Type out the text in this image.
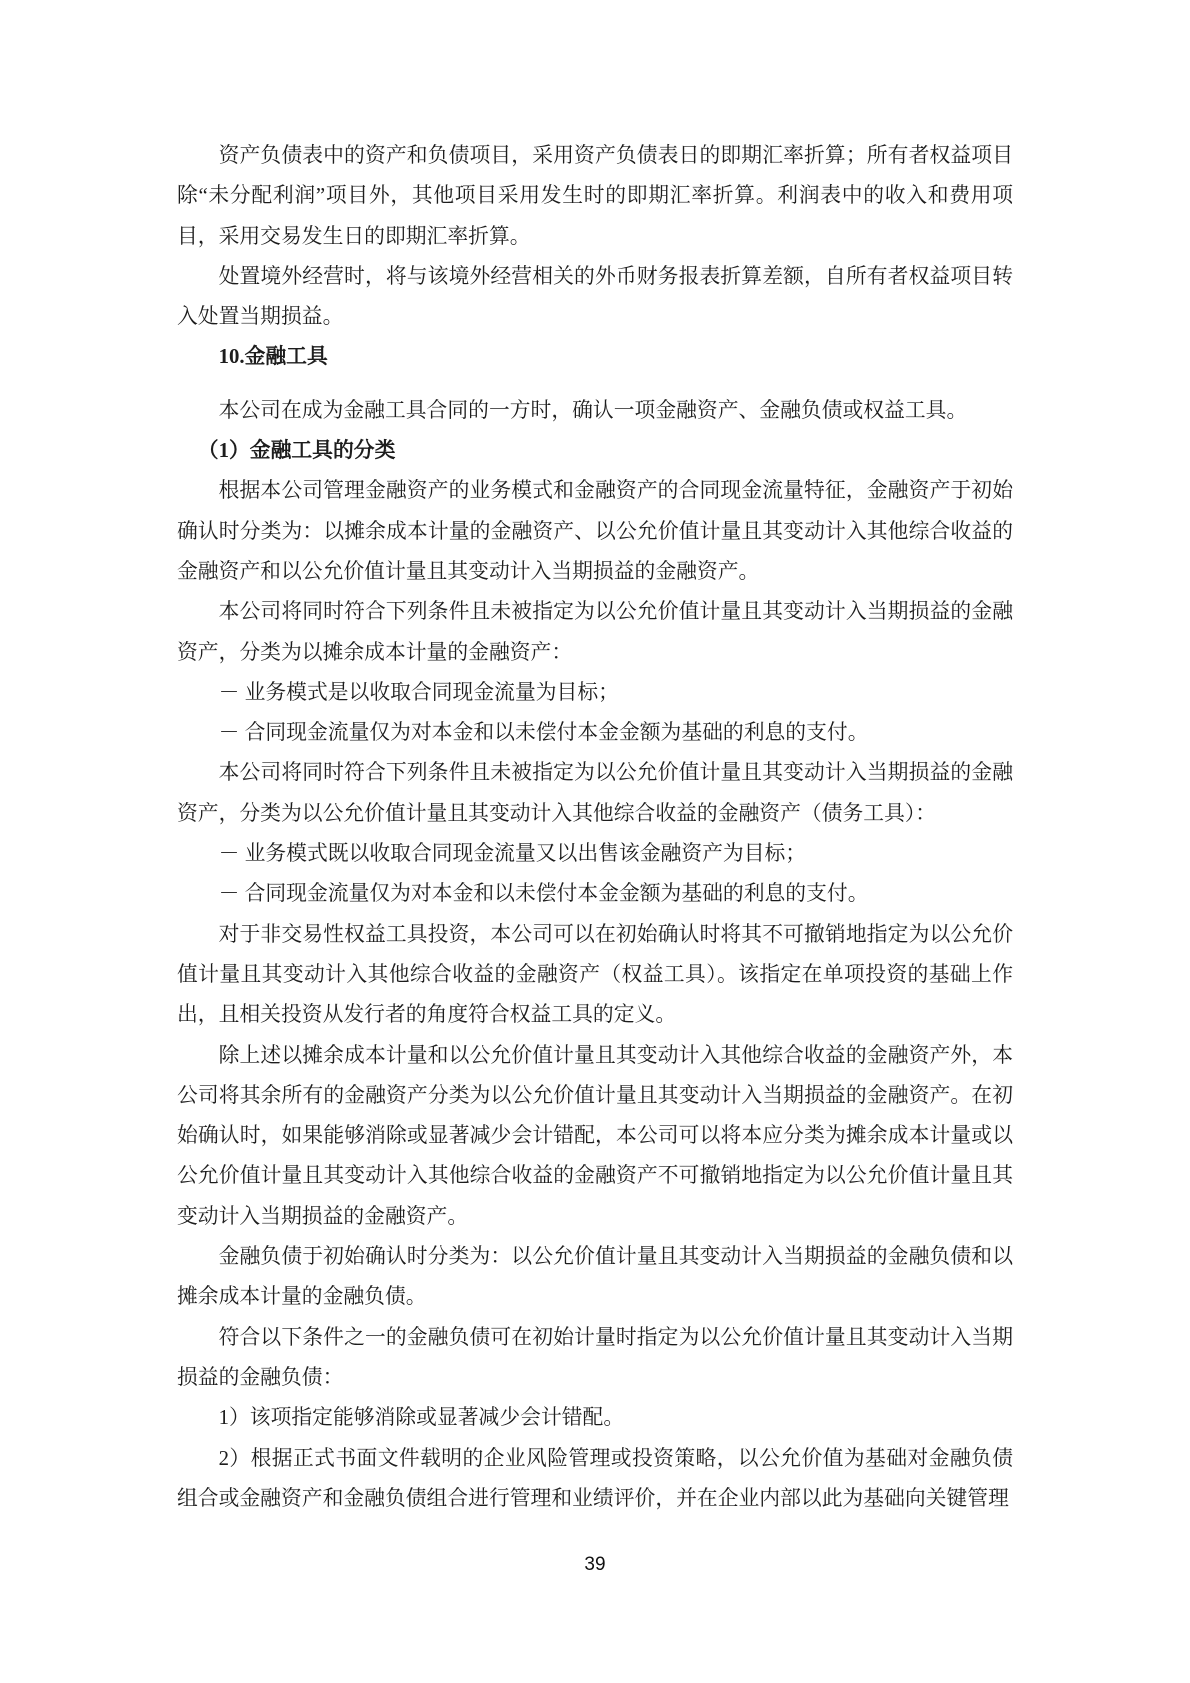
资产负债表中的资产和负债项目，采用资产负债表日的即期汇率折算；所有者权益项目除“未分配利润”项目外，其他项目采用发生时的即期汇率折算。利润表中的收入和费用项目，采用交易发生日的即期汇率折算。
处置境外经营时，将与该境外经营相关的外币财务报表折算差额，自所有者权益项目转入处置当期损益。
10.金融工具
本公司在成为金融工具合同的一方时，确认一项金融资产、金融负债或权益工具。
（1）金融工具的分类
根据本公司管理金融资产的业务模式和金融资产的合同现金流量特征，金融资产于初始确认时分类为：以摊余成本计量的金融资产、以公允价值计量且其变动计入其他综合收益的金融资产和以公允价值计量且其变动计入当期损益的金融资产。
本公司将同时符合下列条件且未被指定为以公允价值计量且其变动计入当期损益的金融资产，分类为以摊余成本计量的金融资产：
－ 业务模式是以收取合同现金流量为目标；
－ 合同现金流量仅为对本金和以未偿付本金金额为基础的利息的支付。
本公司将同时符合下列条件且未被指定为以公允价值计量且其变动计入当期损益的金融资产，分类为以公允价值计量且其变动计入其他综合收益的金融资产（债务工具）：
－ 业务模式既以收取合同现金流量又以出售该金融资产为目标；
－ 合同现金流量仅为对本金和以未偿付本金金额为基础的利息的支付。
对于非交易性权益工具投资，本公司可以在初始确认时将其不可撤销地指定为以公允价值计量且其变动计入其他综合收益的金融资产（权益工具）。该指定在单项投资的基础上作出，且相关投资从发行者的角度符合权益工具的定义。
除上述以摊余成本计量和以公允价值计量且其变动计入其他综合收益的金融资产外，本公司将其余所有的金融资产分类为以公允价值计量且其变动计入当期损益的金融资产。在初始确认时，如果能够消除或显著减少会计错配，本公司可以将本应分类为摊余成本计量或以公允价值计量且其变动计入其他综合收益的金融资产不可撤销地指定为以公允价值计量且其变动计入当期损益的金融资产。
金融负债于初始确认时分类为：以公允价值计量且其变动计入当期损益的金融负债和以摊余成本计量的金融负债。
符合以下条件之一的金融负债可在初始计量时指定为以公允价值计量且其变动计入当期损益的金融负债：
1）该项指定能够消除或显著减少会计错配。
2）根据正式书面文件载明的企业风险管理或投资策略，以公允价值为基础对金融负债组合或金融资产和金融负债组合进行管理和业绩评价，并在企业内部以此为基础向关键管理
39
